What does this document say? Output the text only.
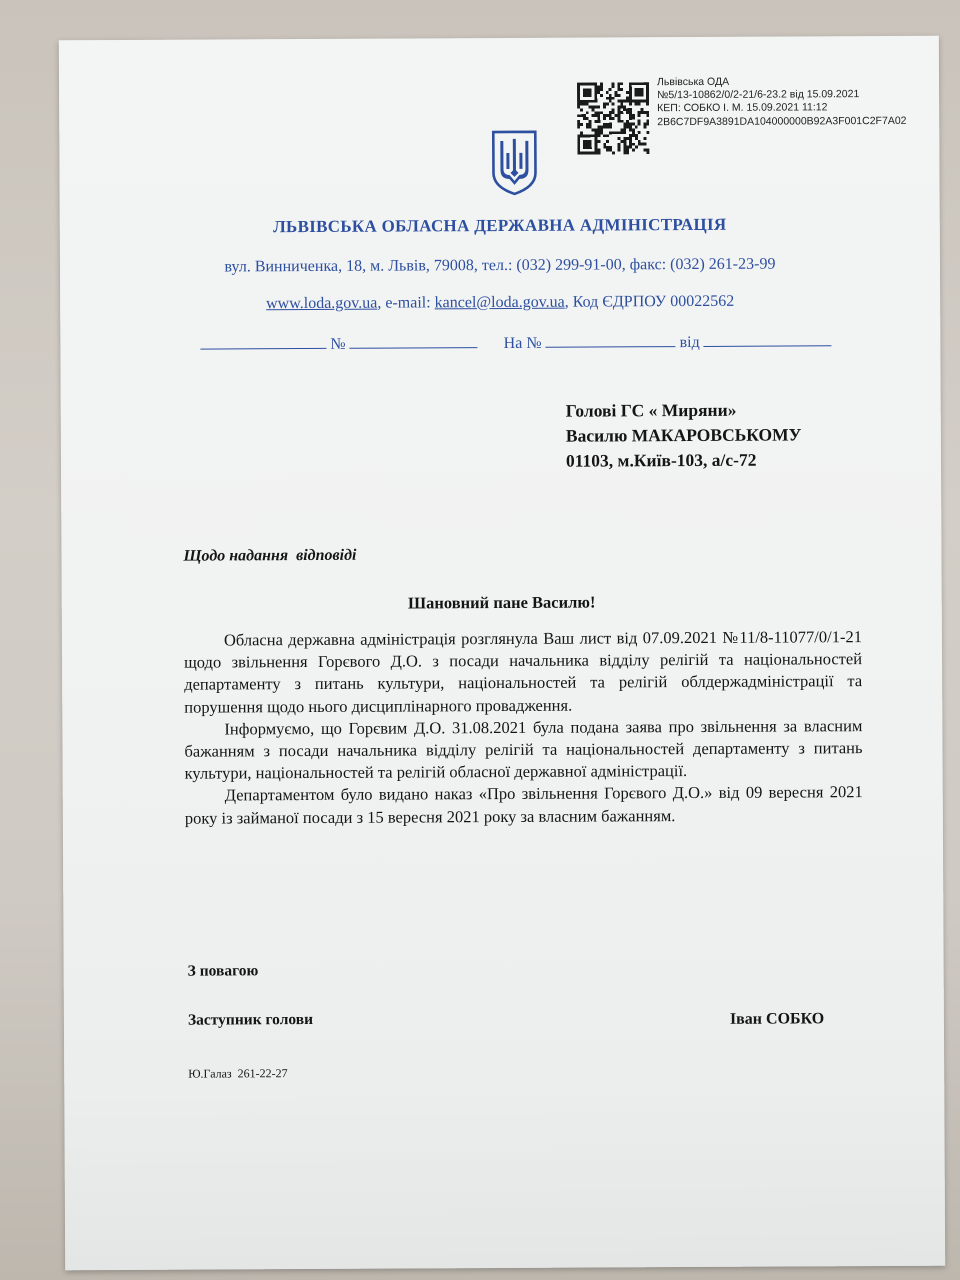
Львівська ОДА
№5/13-10862/0/2-21/6-23.2 від 15.09.2021
КЕП: СОБКО І. М. 15.09.2021 11:12
2B6C7DF9A3891DA104000000B92A3F001C2F7A02
ЛЬВІВСЬКА ОБЛАСНА ДЕРЖАВНА АДМІНІСТРАЦІЯ
вул. Винниченка, 18, м. Львів, 79008, тел.: (032) 299-91-00, факс: (032) 261-23-99
www.loda.gov.ua, e-mail: kancel@loda.gov.ua, Код ЄДРПОУ 00022562
№	На №	від
Голові ГС « Миряни»
Василю МАКАРОВСЬКОМУ
01103, м.Київ-103, а/с-72
Щодо надання  відповіді
Шановний пане Василю!

Обласна державна адміністрація розглянула Ваш лист від 07.09.2021 №11/8-11077/0/1-21 щодо звільнення Горєвого Д.О. з посади начальника відділу релігій та національностей департаменту з питань культури, національностей та релігій облдержадміністрації та порушення щодо нього дисциплінарного провадження.

Інформуємо, що Горєвим Д.О. 31.08.2021 була подана заява про звільнення за власним бажанням з посади начальника відділу релігій та національностей департаменту з питань культури, національностей та релігій обласної державної адміністрації.

Департаментом було видано наказ «Про звільнення Горєвого Д.О.» від 09 вересня 2021 року із займаної посади з 15 вересня 2021 року за власним бажанням.

З повагою
Заступник голови	Іван СОБКО
Ю.Галаз  261-22-27
